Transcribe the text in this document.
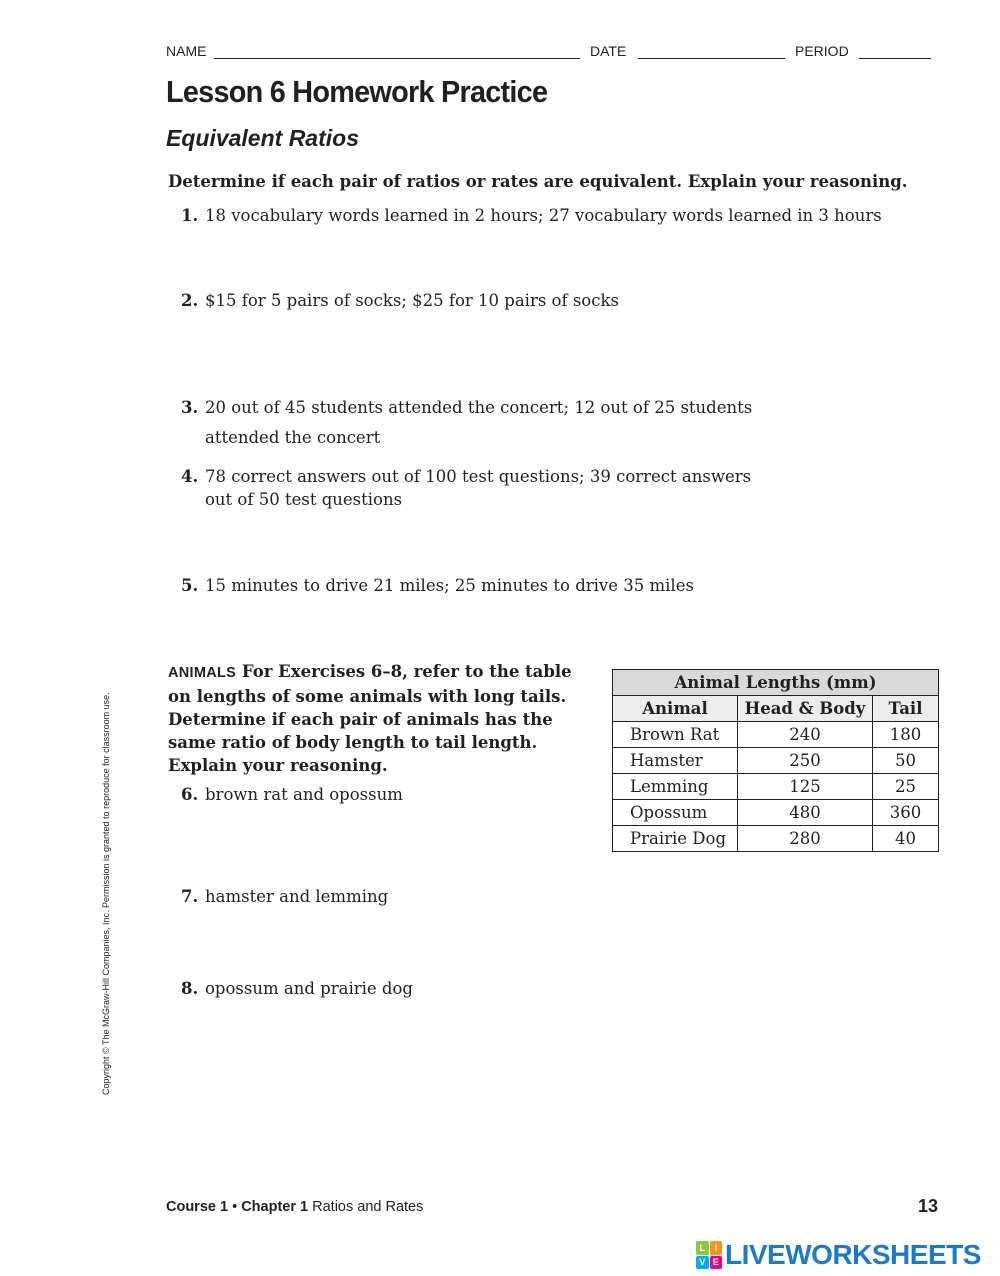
NAME	DATE	PERIOD
Lesson 6 Homework Practice
Equivalent Ratios
Determine if each pair of ratios or rates are equivalent. Explain your reasoning.
1. 18 vocabulary words learned in 2 hours; 27 vocabulary words learned in 3 hours
2. $15 for 5 pairs of socks; $25 for 10 pairs of socks
3. 20 out of 45 students attended the concert; 12 out of 25 students
attended the concert
4. 78 correct answers out of 100 test questions; 39 correct answers
out of 50 test questions
5. 15 minutes to drive 21 miles; 25 minutes to drive 35 miles
ANIMALS For Exercises 6–8, refer to the table on lengths of some animals with long tails. Determine if each pair of animals has the same ratio of body length to tail length. Explain your reasoning.
6. brown rat and opossum
7. hamster and lemming
8. opossum and prairie dog
Animal Lengths (mm)		
Animal	Head & Body	Tail
Brown Rat	240	180
Hamster	250	50
Lemming	125	25
Opossum	480	360
Prairie Dog	280	40
Copyright © The McGraw-Hill Companies, Inc. Permission is granted to reproduce for classroom use.
Course 1 • Chapter 1 Ratios and Rates	13
L	I
V E LIVEWORKSHEETS
